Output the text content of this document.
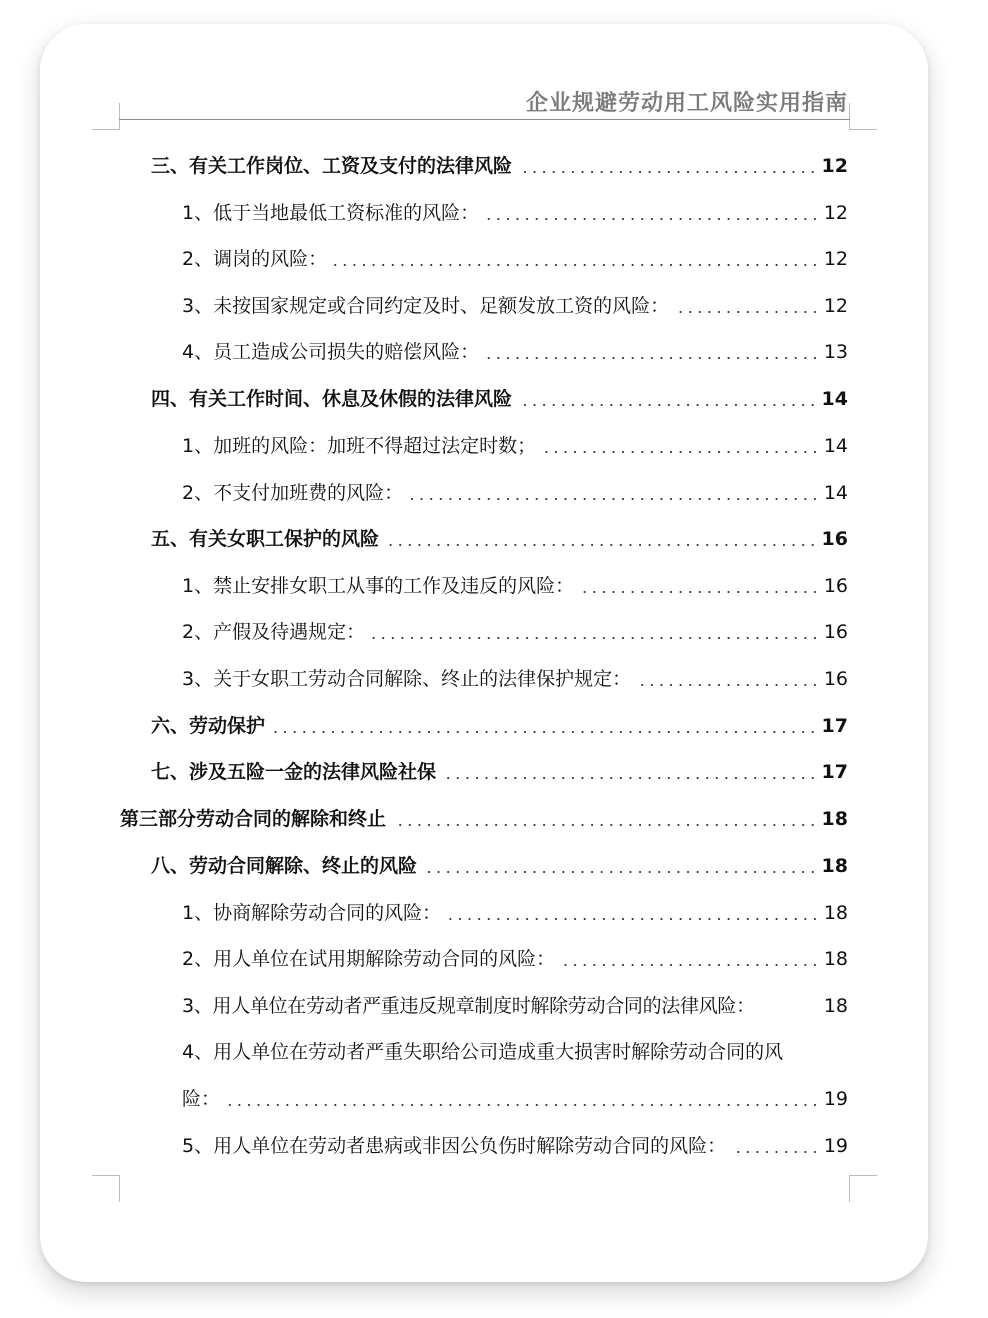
企业规避劳动用工风险实用指南
三、有关工作岗位、工资及支付的法律风险	12
1、低于当地最低工资标准的风险：	12
2、调岗的风险：	12
3、未按国家规定或合同约定及时、足额发放工资的风险：	12
4、员工造成公司损失的赔偿风险：	13
四、有关工作时间、休息及休假的法律风险	14
1、加班的风险：加班不得超过法定时数；	14
2、不支付加班费的风险：	14
五、有关女职工保护的风险	16
1、禁止安排女职工从事的工作及违反的风险：	16
2、产假及待遇规定：	16
3、关于女职工劳动合同解除、终止的法律保护规定：	16
六、劳动保护	17
七、涉及五险一金的法律风险社保	17
第三部分劳动合同的解除和终止	18
八、劳动合同解除、终止的风险	18
1、协商解除劳动合同的风险：	18
2、用人单位在试用期解除劳动合同的风险：	18
3、用人单位在劳动者严重违反规章制度时解除劳动合同的法律风险：	18
4、用人单位在劳动者严重失职给公司造成重大损害时解除劳动合同的风
险：	19
5、用人单位在劳动者患病或非因公负伤时解除劳动合同的风险：	19
